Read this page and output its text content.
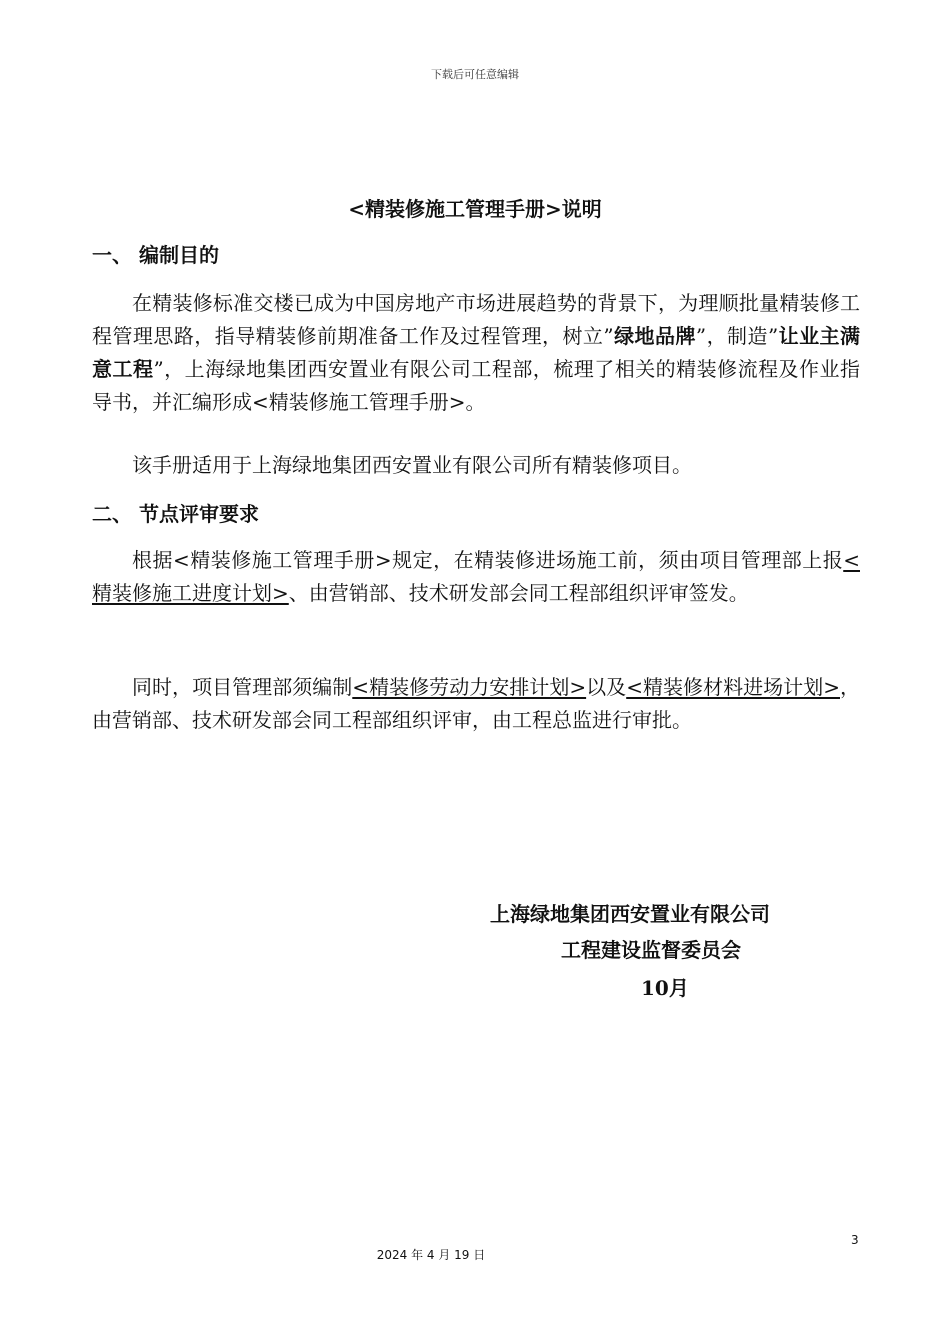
下载后可任意编辑
<精装修施工管理手册>说明
一、 编制目的
在精装修标准交楼已成为中国房地产市场进展趋势的背景下，为理顺批量精装修工程管理思路，指导精装修前期准备工作及过程管理，树立”绿地品牌”，制造”让业主满意工程”，上海绿地集团西安置业有限公司工程部，梳理了相关的精装修流程及作业指导书，并汇编形成<精装修施工管理手册>。
该手册适用于上海绿地集团西安置业有限公司所有精装修项目。
二、 节点评审要求
根据<精装修施工管理手册>规定，在精装修进场施工前，须由项目管理部上报<精装修施工进度计划>、由营销部、技术研发部会同工程部组织评审签发。
同时，项目管理部须编制<精装修劳动力安排计划>以及<精装修材料进场计划>，由营销部、技术研发部会同工程部组织评审，由工程总监进行审批。
上海绿地集团西安置业有限公司
工程建设监督委员会
10月
3
2024 年 4 月 19 日
